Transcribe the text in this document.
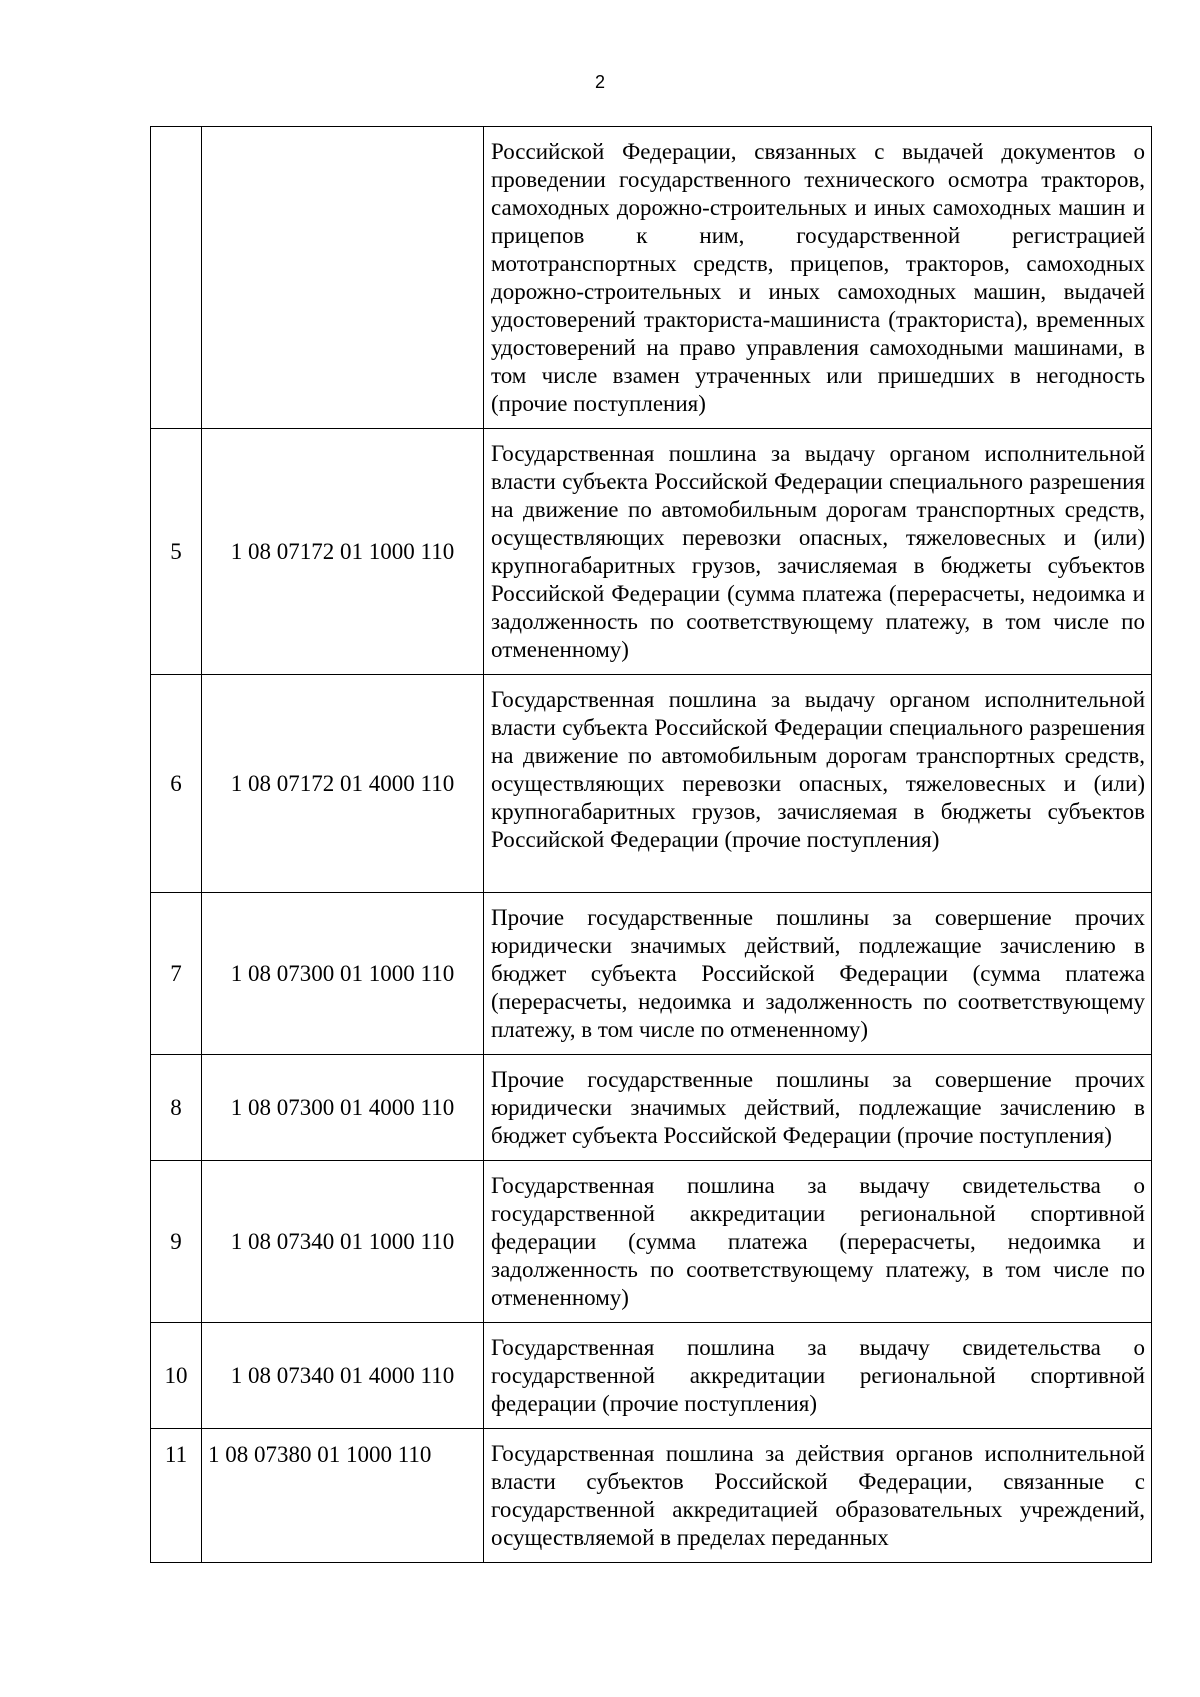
2
		Российской Федерации, связанных с выдачей документов о проведении государственного технического осмотра тракторов, самоходных дорожно-строительных и иных самоходных машин и прицепов к ним, государственной регистрацией мототранспортных средств, прицепов, тракторов, самоходных дорожно-строительных и иных самоходных машин, выдачей удостоверений тракториста-машиниста (тракториста), временных удостоверений на право управления самоходными машинами, в том числе взамен утраченных или пришедших в негодность (прочие поступления)
5	1 08 07172 01 1000 110	Государственная пошлина за выдачу органом исполнительной власти субъекта Российской Федерации специального разрешения на движение по автомобильным дорогам транспортных средств, осуществляющих перевозки опасных, тяжеловесных и (или) крупногабаритных грузов, зачисляемая в бюджеты субъектов Российской Федерации (сумма платежа (перерасчеты, недоимка и задолженность по соответствующему платежу, в том числе по отмененному)
6	1 08 07172 01 4000 110	Государственная пошлина за выдачу органом исполнительной власти субъекта Российской Федерации специального разрешения на движение по автомобильным дорогам транспортных средств, осуществляющих перевозки опасных, тяжеловесных и (или) крупногабаритных грузов, зачисляемая в бюджеты субъектов Российской Федерации (прочие поступления)
7	1 08 07300 01 1000 110	Прочие государственные пошлины за совершение прочих юридически значимых действий, подлежащие зачислению в бюджет субъекта Российской Федерации (сумма платежа (перерасчеты, недоимка и задолженность по соответствующему платежу, в том числе по отмененному)
8	1 08 07300 01 4000 110	Прочие государственные пошлины за совершение прочих юридически значимых действий, подлежащие зачислению в бюджет субъекта Российской Федерации (прочие поступления)
9	1 08 07340 01 1000 110	Государственная пошлина за выдачу свидетельства о государственной аккредитации региональной спортивной федерации (сумма платежа (перерасчеты, недоимка и задолженность по соответствующему платежу, в том числе по отмененному)
10	1 08 07340 01 4000 110	Государственная пошлина за выдачу свидетельства о государственной аккредитации региональной спортивной федерации (прочие поступления)
11	1 08 07380 01 1000 110	Государственная пошлина за действия органов исполнительной власти субъектов Российской Федерации, связанные с государственной аккредитацией образовательных учреждений, осуществляемой в пределах переданных
